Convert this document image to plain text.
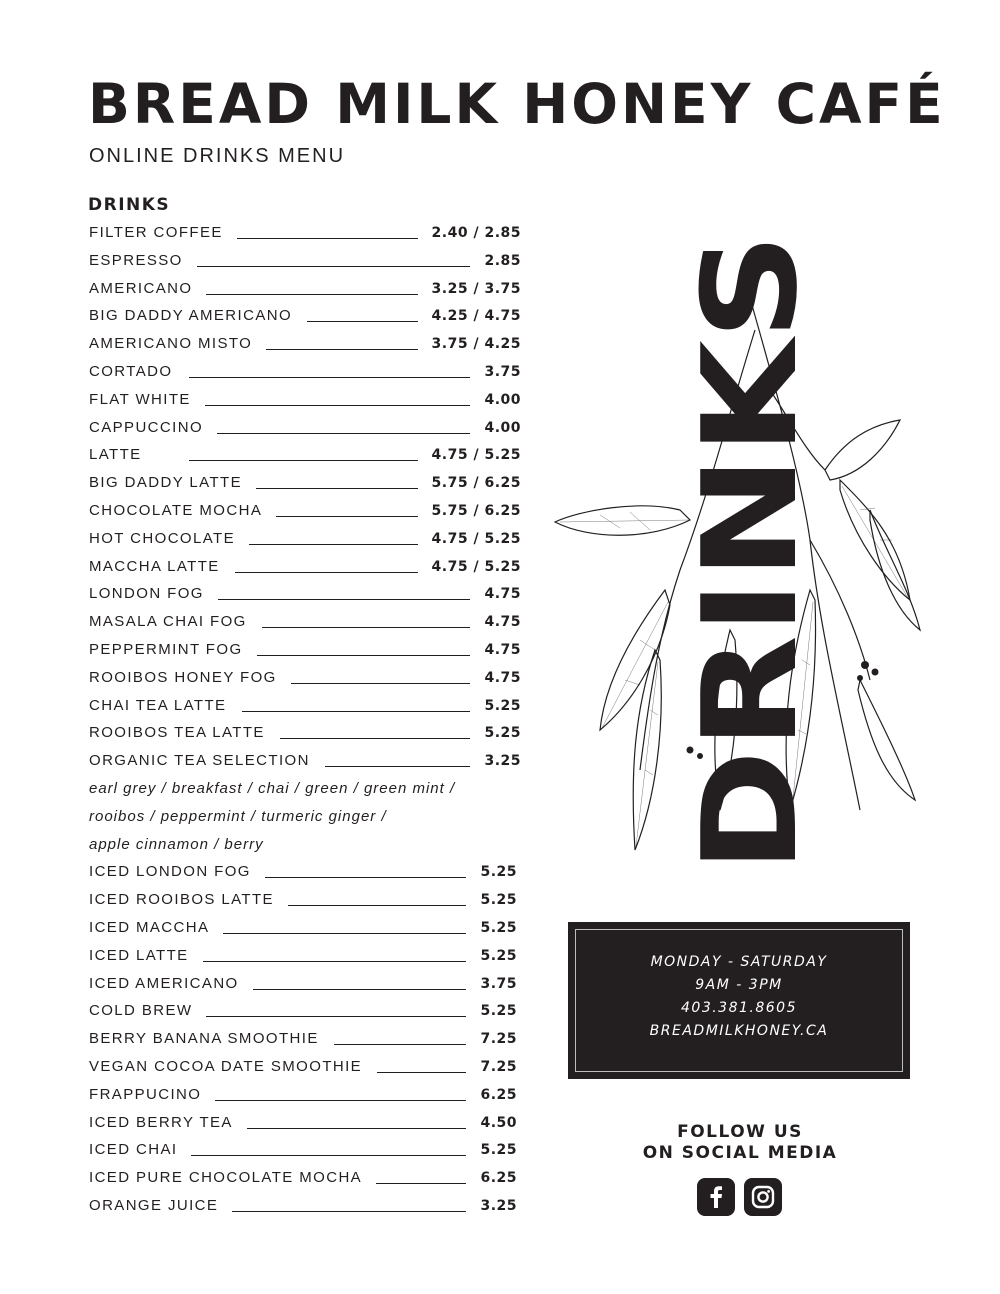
BREAD MILK HONEY CAFÉ
ONLINE DRINKS MENU
DRINKS
FILTER COFFEE	2.40 / 2.85
ESPRESSO	2.85
AMERICANO	3.25 / 3.75
BIG DADDY AMERICANO	4.25 / 4.75
AMERICANO MISTO	3.75 / 4.25
CORTADO	3.75
FLAT WHITE	4.00
CAPPUCCINO	4.00
LATTE	4.75 / 5.25
BIG DADDY LATTE	5.75 / 6.25
CHOCOLATE MOCHA	5.75 / 6.25
HOT CHOCOLATE	4.75 / 5.25
MACCHA LATTE	4.75 / 5.25
LONDON FOG	4.75
MASALA CHAI FOG	4.75
PEPPERMINT FOG	4.75
ROOIBOS HONEY FOG	4.75
CHAI TEA LATTE	5.25
ROOIBOS TEA LATTE	5.25
ORGANIC TEA SELECTION	3.25
earl grey / breakfast / chai / green / green mint /
rooibos / peppermint / turmeric ginger /
apple cinnamon / berry
ICED LONDON FOG	5.25
ICED ROOIBOS LATTE	5.25
ICED MACCHA	5.25
ICED LATTE	5.25
ICED AMERICANO	3.75
COLD BREW	5.25
BERRY BANANA SMOOTHIE	7.25
VEGAN COCOA DATE SMOOTHIE	7.25
FRAPPUCINO	6.25
ICED BERRY TEA	4.50
ICED CHAI	5.25
ICED PURE CHOCOLATE MOCHA	6.25
ORANGE JUICE	3.25
DRINKS
MONDAY - SATURDAY
9AM - 3PM
403.381.8605
BREADMILKHONEY.CA
FOLLOW US
ON SOCIAL MEDIA
